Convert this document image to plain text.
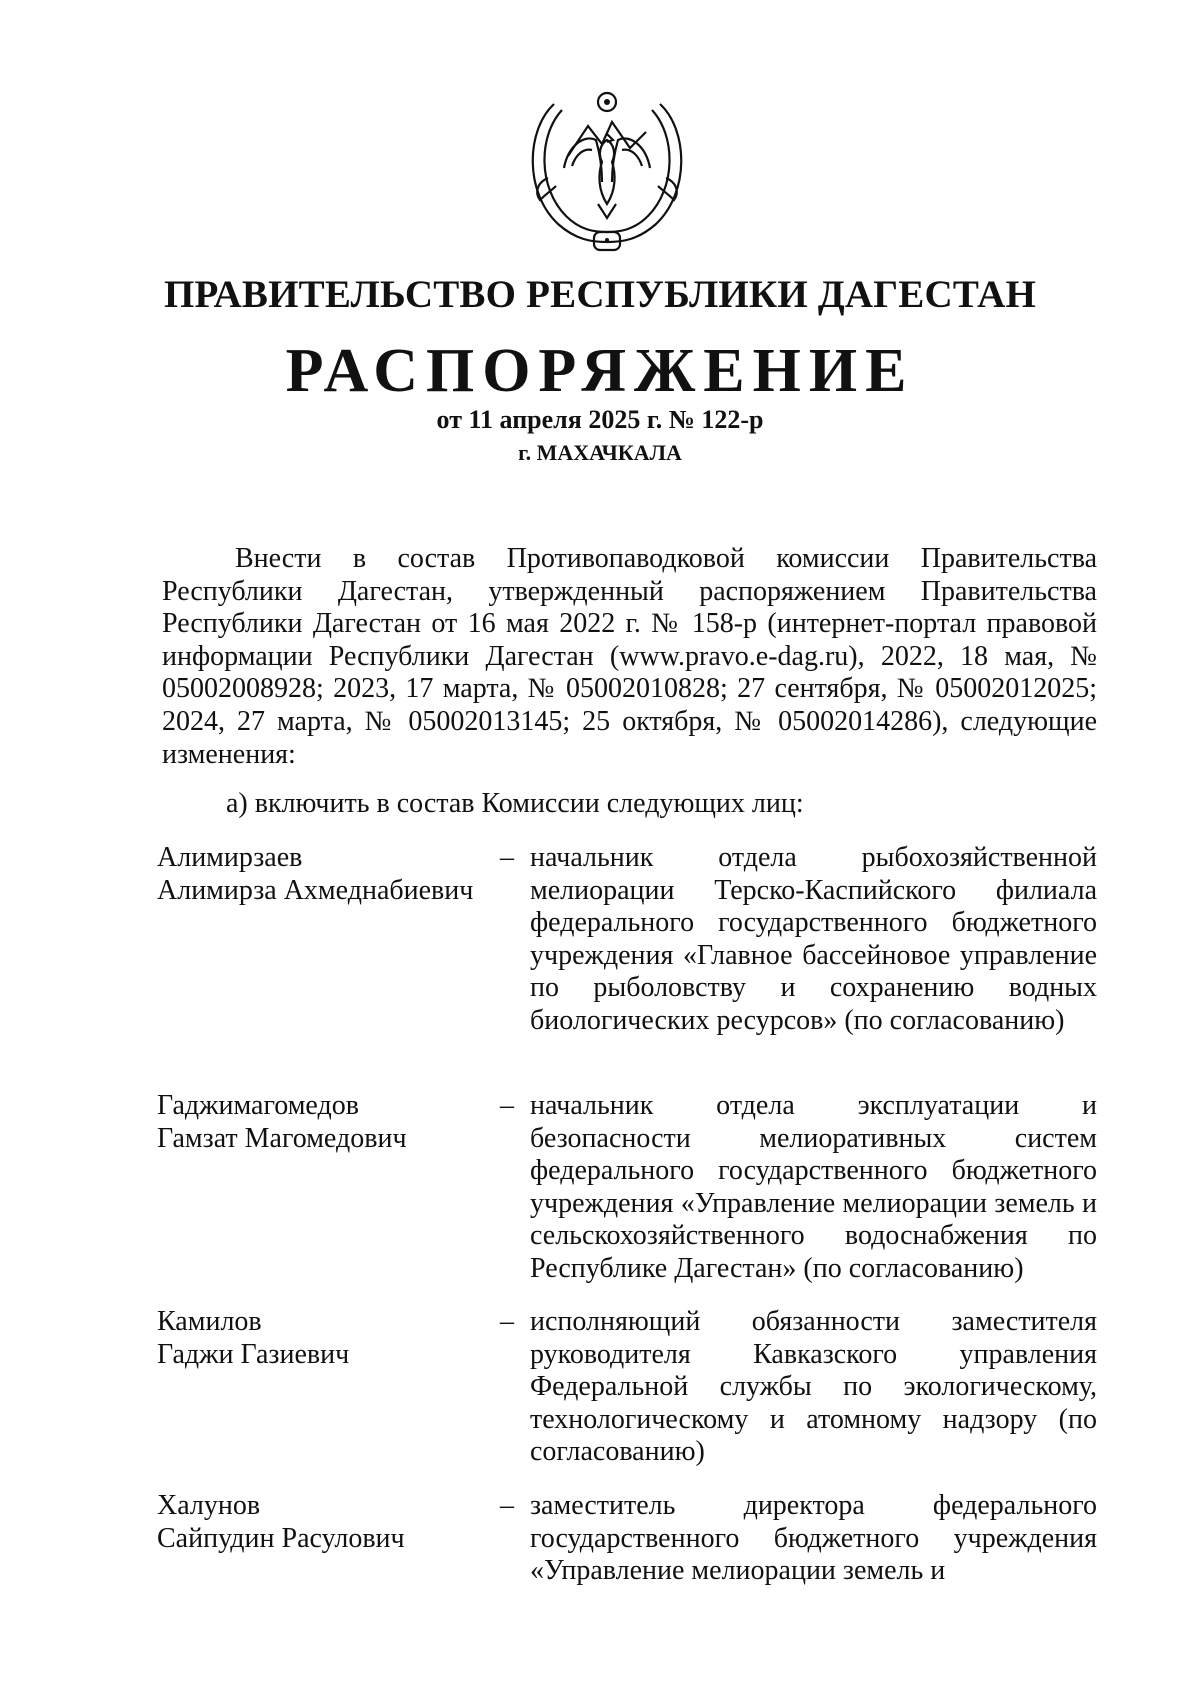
ПРАВИТЕЛЬСТВО РЕСПУБЛИКИ ДАГЕСТАН
РАСПОРЯЖЕНИЕ
от 11 апреля 2025 г. № 122-р
г. МАХАЧКАЛА
Внести в состав Противопаводковой комиссии Правительства Республики Дагестан, утвержденный распоряжением Правительства Республики Дагестан от 16 мая 2022 г. № 158-р (интернет-портал правовой информации Республики Дагестан (www.pravo.e-dag.ru), 2022, 18 мая, № 05002008928; 2023, 17 марта, № 05002010828; 27 сентября, № 05002012025; 2024, 27 марта, № 05002013145; 25 октября, № 05002014286), следующие изменения:
а) включить в состав Комиссии следующих лиц:
Алимирзаев
Алимирза Ахмеднабиевич
– начальник отдела рыбохозяйственной мелиорации Терско-Каспийского филиала федерального государственного бюджетного учреждения «Главное бассейновое управление по рыболовству и сохранению водных биологических ресурсов» (по согласованию)
Гаджимагомедов
Гамзат Магомедович
– начальник отдела эксплуатации и безопасности мелиоративных систем федерального государственного бюджетного учреждения «Управление мелиорации земель и сельскохозяйственного водоснабжения по Республике Дагестан» (по согласованию)
Камилов
Гаджи Газиевич
– исполняющий обязанности заместителя руководителя Кавказского управления Федеральной службы по экологическому, технологическому и атомному надзору (по согласованию)
Халунов
Сайпудин Расулович
– заместитель директора федерального государственного бюджетного учреждения «Управление мелиорации земель и
